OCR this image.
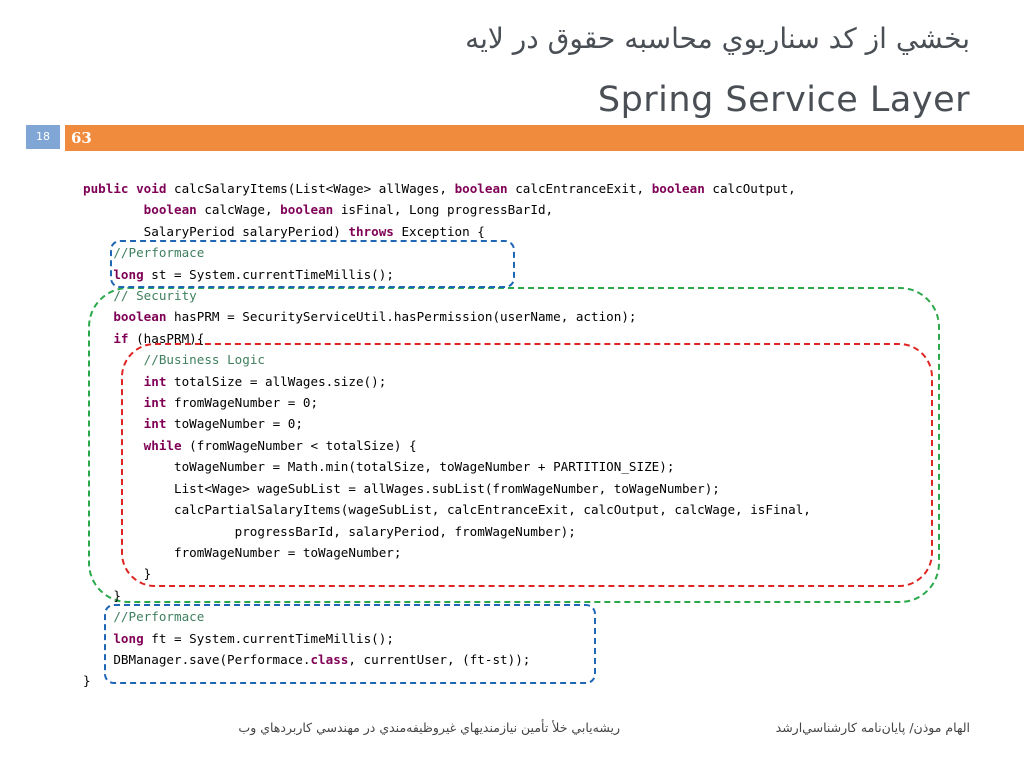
بخشي از كد سناريوي محاسبه حقوق در لايه
Spring Service Layer
18	63
public void calcSalaryItems(List<Wage> allWages, boolean calcEntranceExit, boolean calcOutput,
boolean calcWage, boolean isFinal, Long progressBarId,
SalaryPeriod salaryPeriod) throws Exception {
//Performace
long st = System.currentTimeMillis();
// Security
boolean hasPRM = SecurityServiceUtil.hasPermission(userName, action);
if (hasPRM){
//Business Logic
int totalSize = allWages.size();
int fromWageNumber = 0;
int toWageNumber = 0;
while (fromWageNumber < totalSize) {
toWageNumber = Math.min(totalSize, toWageNumber + PARTITION_SIZE);
List<Wage> wageSubList = allWages.subList(fromWageNumber, toWageNumber);
calcPartialSalaryItems(wageSubList, calcEntranceExit, calcOutput, calcWage, isFinal,
progressBarId, salaryPeriod, fromWageNumber);
fromWageNumber = toWageNumber;
}
}
//Performace
long ft = System.currentTimeMillis();
DBManager.save(Performace.class, currentUser, (ft-st));
}
ريشه‌يابي خلأ تأمين نيازمنديهاي غيروظيفه‌مندي در مهندسي كاربردهاي وب	الهام موذن/ پايان‌نامه كارشناسي‌ارشد
